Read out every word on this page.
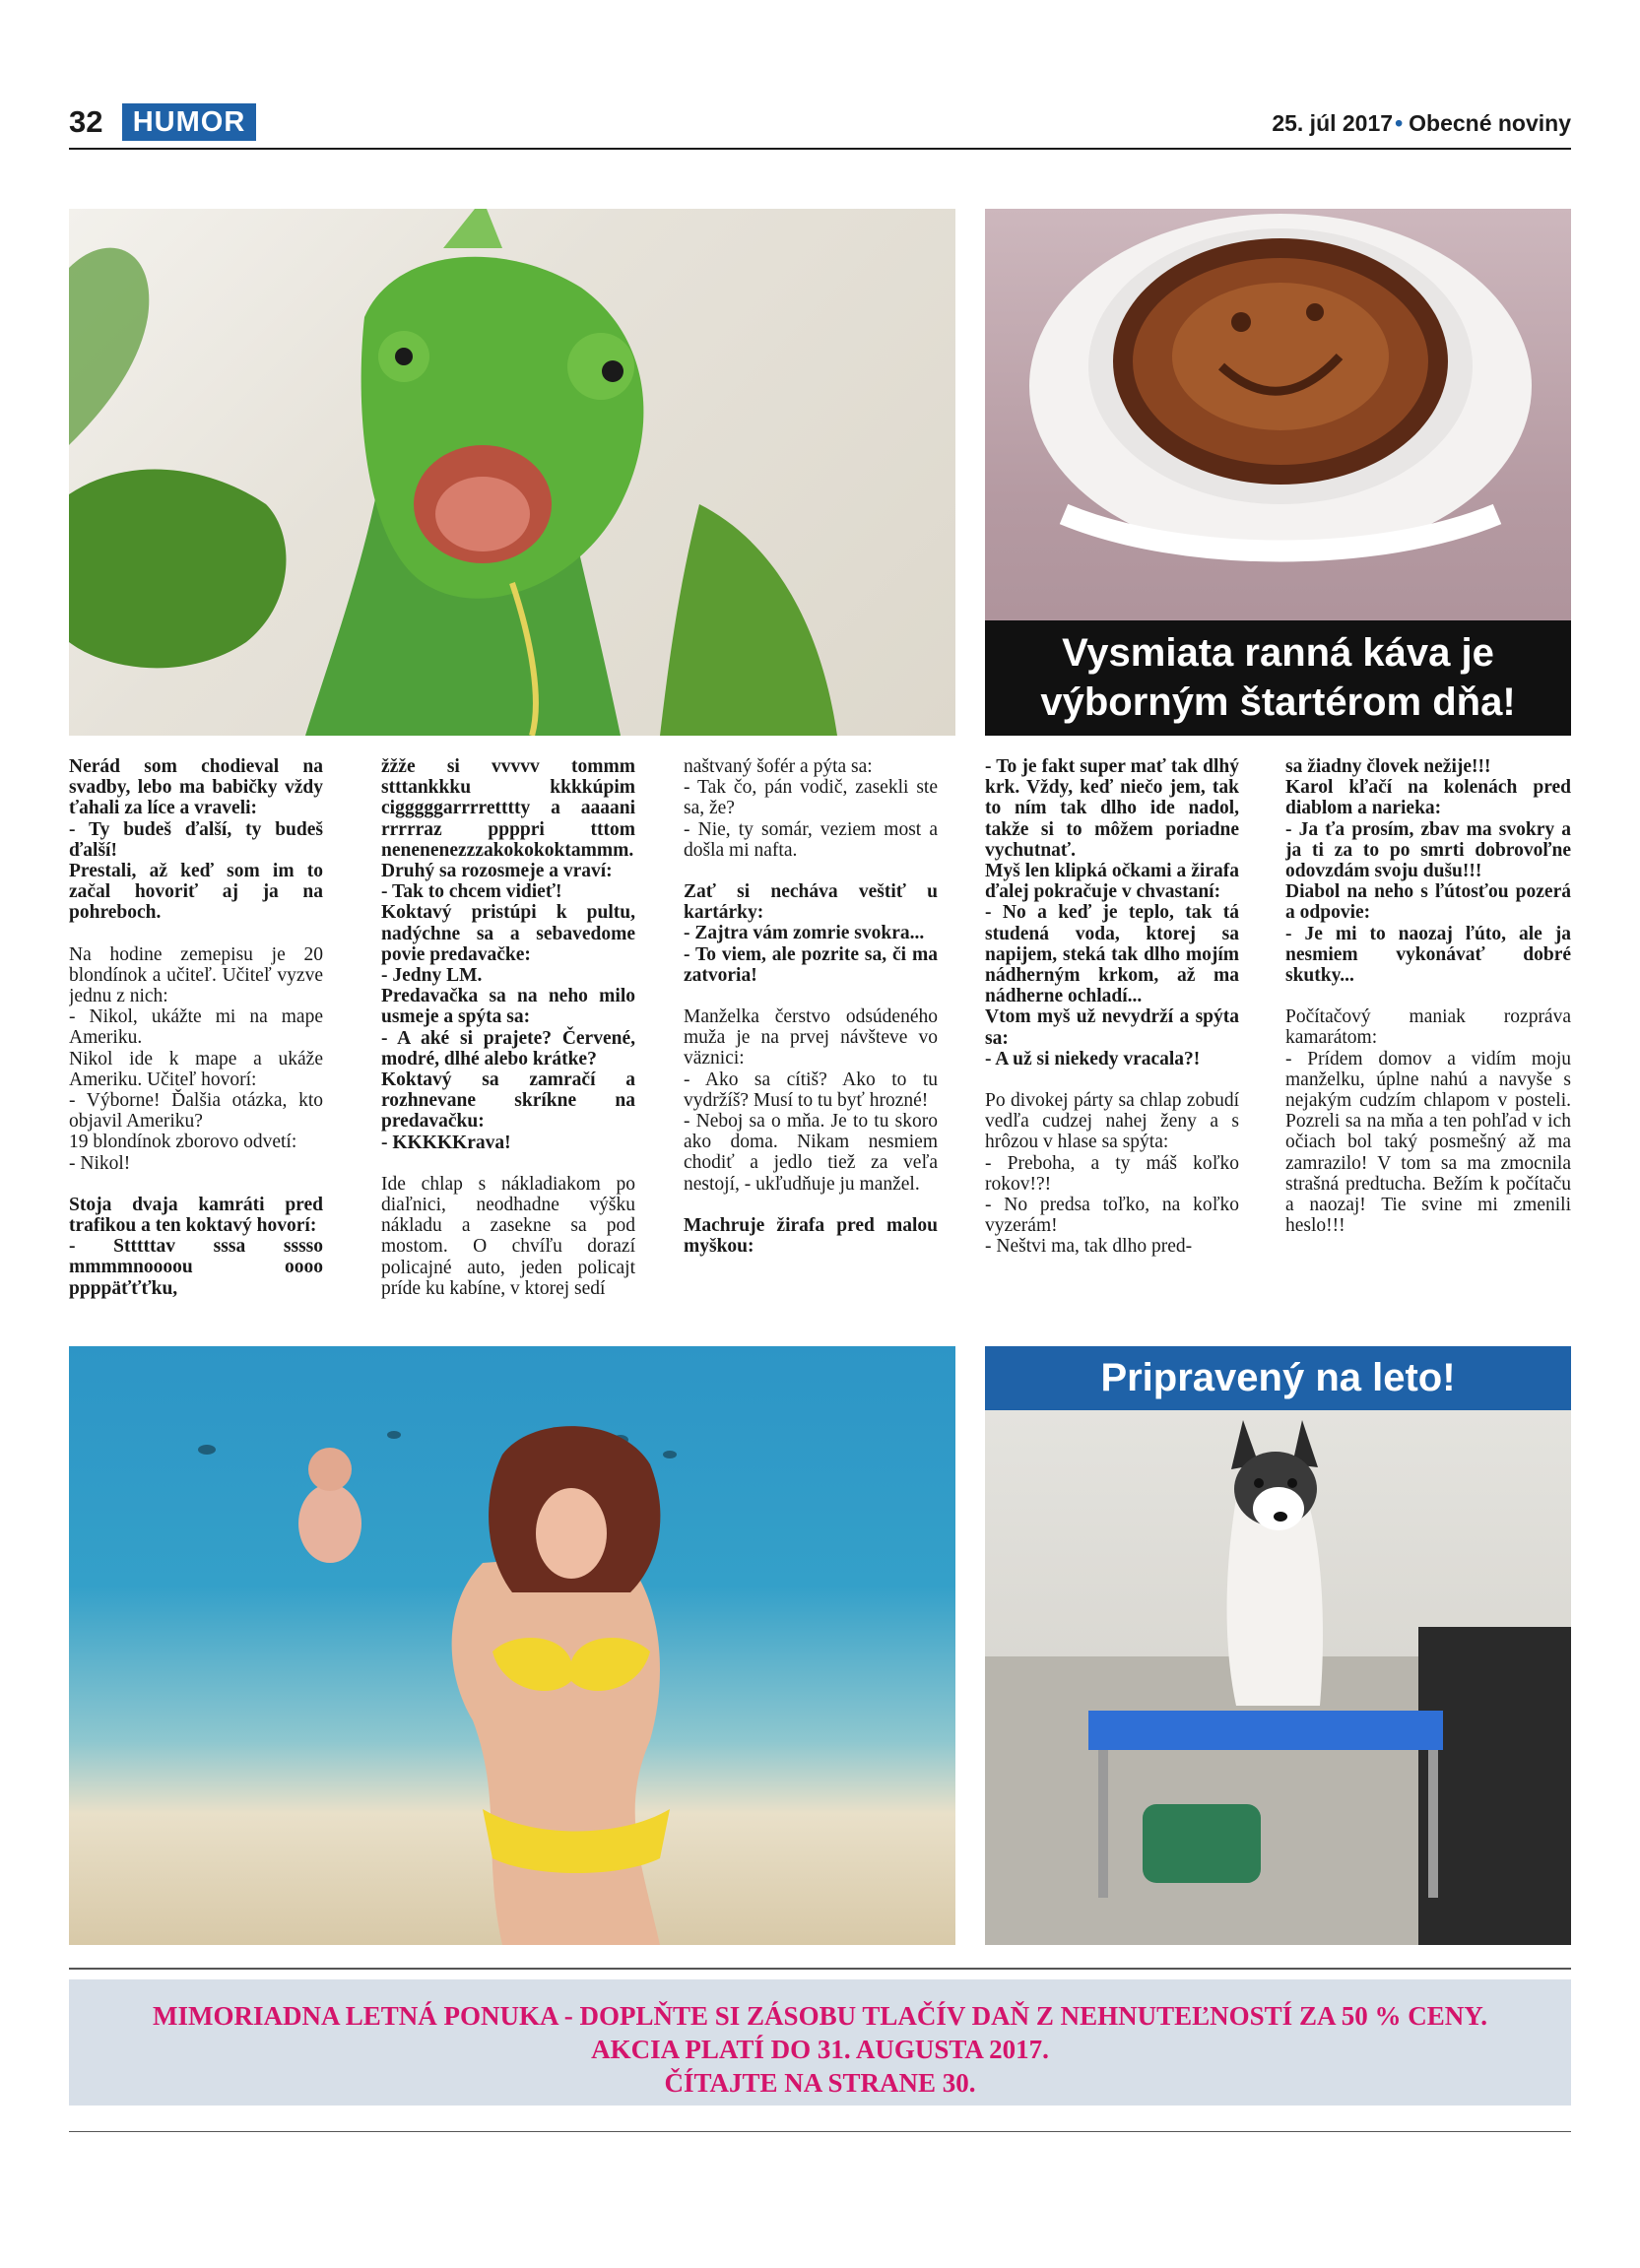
32	HUMOR	25. júl 2017• Obecné noviny
Vysmiata ranná káva je
výborným štartérom dňa!

Nerád som chodieval na svadby, lebo ma babičky vždy ťahali za líce a vraveli:

- Ty budeš ďalší, ty budeš ďalší!

Prestali, až keď som im to začal hovoriť aj ja na pohreboch.

Na hodine zemepisu je 20 blondínok a učiteľ. Učiteľ vyzve jednu z nich:

- Nikol, ukážte mi na mape Ameriku.

Nikol ide k mape a ukáže Ameriku. Učiteľ hovorí:

- Výborne! Ďalšia otázka, kto objavil Ameriku?

19 blondínok zborovo odvetí:

- Nikol!

Stoja dvaja kamráti pred trafikou a ten koktavý hovorí:

- Stttttav sssa sssso mmmmnoooou oooo ppppäťťťku,

žžže si vvvvv tommm stttankkku kkkkúpim cigggggarrrretttty a aaaani rrrrraz ppppri tttom nenenenezzzakokokoktammm.

Druhý sa rozosmeje a vraví:

- Tak to chcem vidieť!

Koktavý pristúpi k pultu, nadýchne sa a sebavedome povie predavačke:

- Jedny LM.

Predavačka sa na neho milo usmeje a spýta sa:

- A aké si prajete? Červené, modré, dlhé alebo krátke?

Koktavý sa zamračí a rozhnevane skríkne na predavačku:

- KKKKKrava!

Ide chlap s nákladiakom po diaľnici, neodhadne výšku nákladu a zasekne sa pod mostom. O chvíľu dorazí policajné auto, jeden policajt príde ku kabíne, v ktorej sedí

naštvaný šofér a pýta sa:

- Tak čo, pán vodič, zasekli ste sa, že?

- Nie, ty somár, veziem most a došla mi nafta.

Zať si necháva veštiť u kartárky:

- Zajtra vám zomrie svokra...

- To viem, ale pozrite sa, či ma zatvoria!

Manželka čerstvo odsúdeného muža je na prvej návšteve vo väznici:

- Ako sa cítiš? Ako to tu vydržíš? Musí to tu byť hrozné!

- Neboj sa o mňa. Je to tu skoro ako doma. Nikam nesmiem chodiť a jedlo tiež za veľa nestojí, - ukľudňuje ju manžel.

Machruje žirafa pred malou myškou:

- To je fakt super mať tak dlhý krk. Vždy, keď niečo jem, tak to ním tak dlho ide nadol, takže si to môžem poriadne vychutnať.

Myš len klipká očkami a žirafa ďalej pokračuje v chvastaní:

- No a keď je teplo, tak tá studená voda, ktorej sa napijem, steká tak dlho mojím nádherným krkom, až ma nádherne ochladí...

Vtom myš už nevydrží a spýta sa:

- A už si niekedy vracala?!

Po divokej párty sa chlap zobudí vedľa cudzej nahej ženy a s hrôzou v hlase sa spýta:

- Preboha, a ty máš koľko rokov!?!

- No predsa toľko, na koľko vyzerám!

- Neštvi ma, tak dlho pred-

sa žiadny človek nežije!!!

Karol kľačí na kolenách pred diablom a narieka:

- Ja ťa prosím, zbav ma svokry a ja ti za to po smrti dobrovoľne odovzdám svoju dušu!!!

Diabol na neho s ľútosťou pozerá a odpovie:

- Je mi to naozaj ľúto, ale ja nesmiem vykonávať dobré skutky...

Počítačový maniak rozpráva kamarátom:

- Prídem domov a vidím moju manželku, úplne nahú a navyše s nejakým cudzím chlapom v posteli. Pozreli sa na mňa a ten pohľad v ich očiach bol taký posmešný až ma zamrazilo! V tom sa ma zmocnila strašná predtucha. Bežím k počítaču a naozaj! Tie svine mi zmenili heslo!!!

Pripravený na leto!
MIMORIADNA LETNÁ PONUKA - DOPLŇTE SI ZÁSOBU TLAČÍV DAŇ Z NEHNUTEĽNOSTÍ ZA 50 % CENY.
AKCIA PLATÍ DO 31. AUGUSTA 2017.
ČÍTAJTE NA STRANE 30.
